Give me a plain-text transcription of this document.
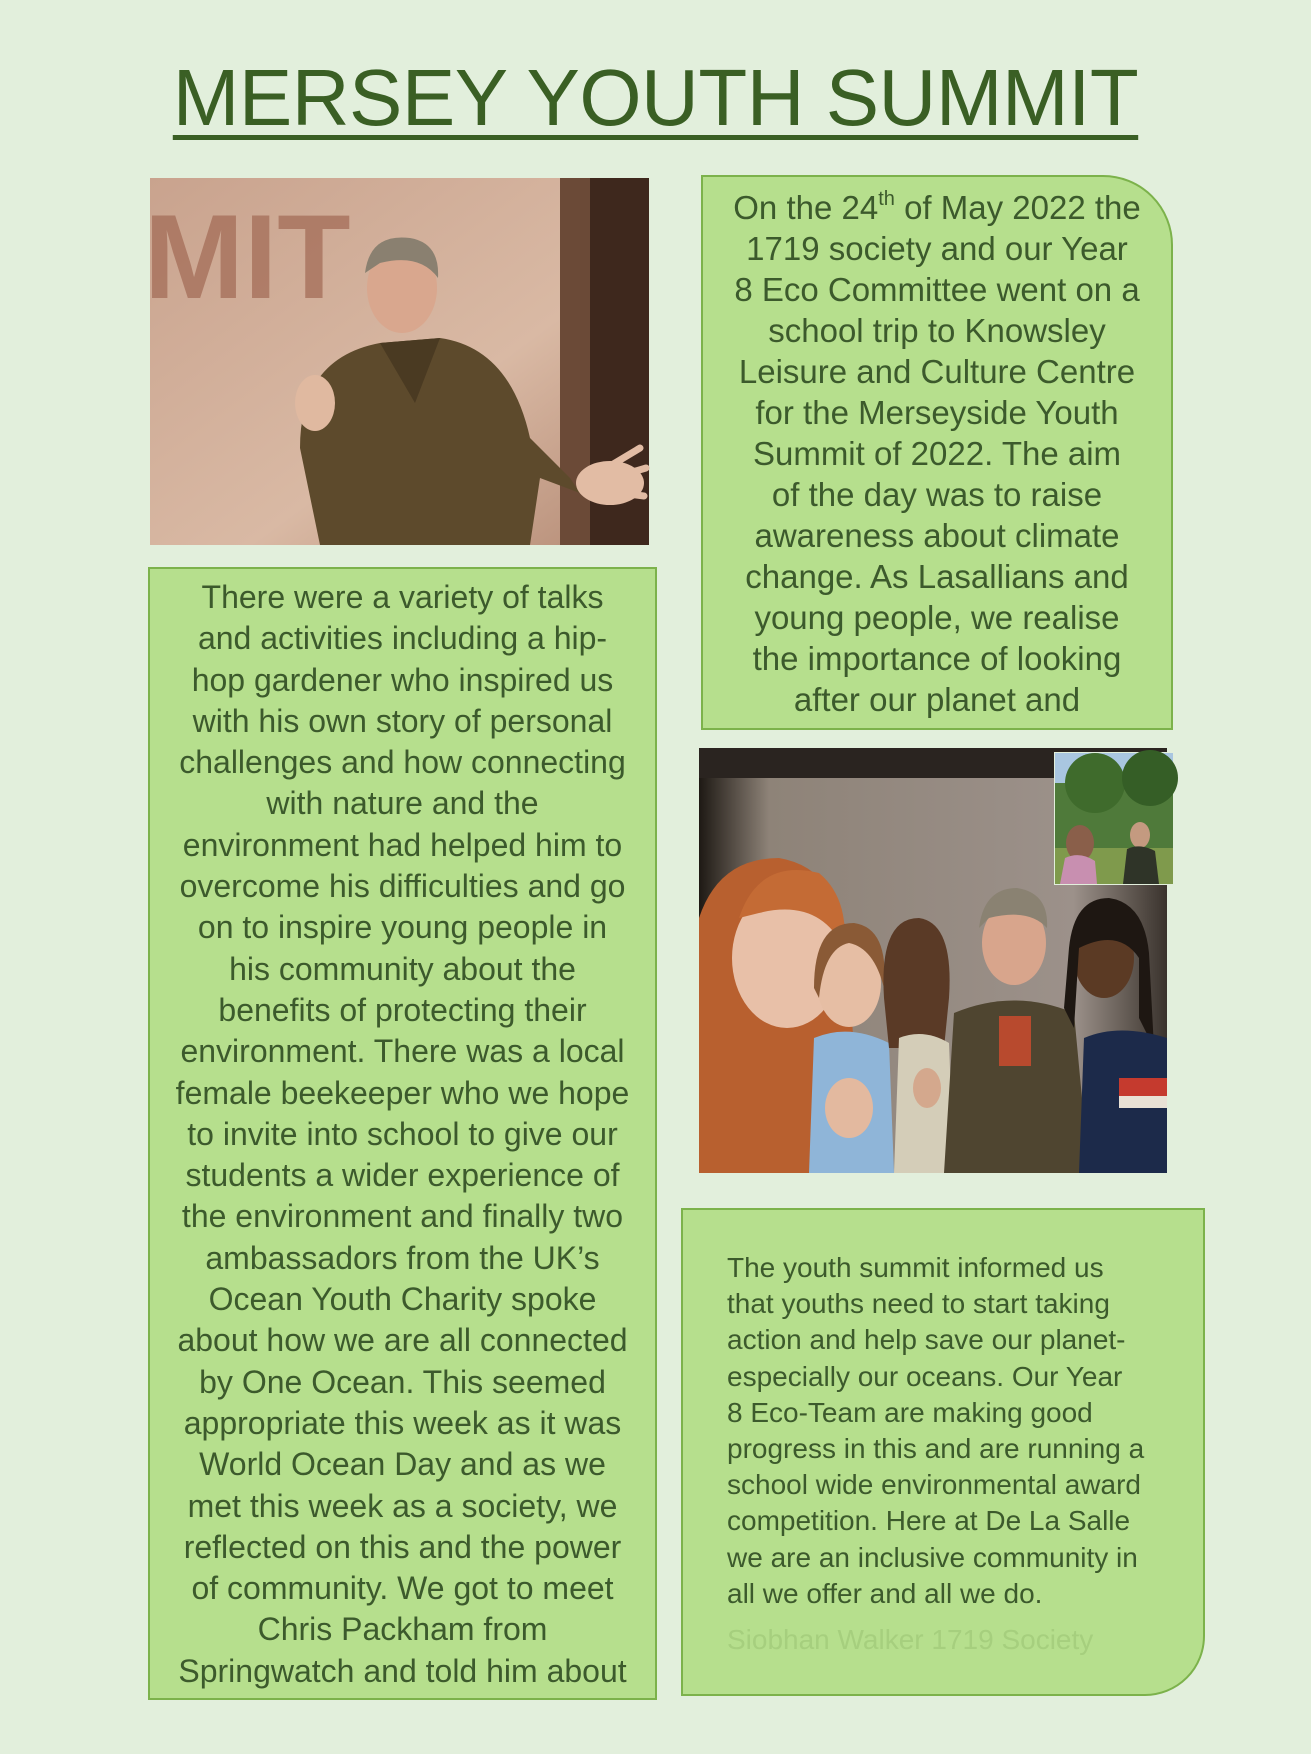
MERSEY YOUTH SUMMIT
MIT	On the 24th of May 2022 the
1719 society and our Year
8 Eco Committee went on a
school trip to Knowsley
Leisure and Culture Centre
for the Merseyside Youth
Summit of 2022. The aim
of the day was to raise
awareness about climate
change. As Lasallians and
young people, we realise
the importance of looking
after our planet and
There were a variety of talks
and activities including a hip-
hop gardener who inspired us
with his own story of personal
challenges and how connecting
with nature and the
environment had helped him to
overcome his difficulties and go
on to inspire young people in
his community about the
benefits of protecting their
environment. There was a local
female beekeeper who we hope
to invite into school to give our
students a wider experience of
the environment and finally two
ambassadors from the UK’s
Ocean Youth Charity spoke
about how we are all connected
by One Ocean. This seemed
appropriate this week as it was
World Ocean Day and as we
met this week as a society, we
reflected on this and the power
of community. We got to meet
Chris Packham from
Springwatch and told him about
The youth summit informed us
that youths need to start taking
action and help save our planet-
especially our oceans. Our Year
8 Eco-Team are making good
progress in this and are running a
school wide environmental award
competition. Here at De La Salle
we are an inclusive community in
all we offer and all we do.
Siobhan Walker 1719 Society
